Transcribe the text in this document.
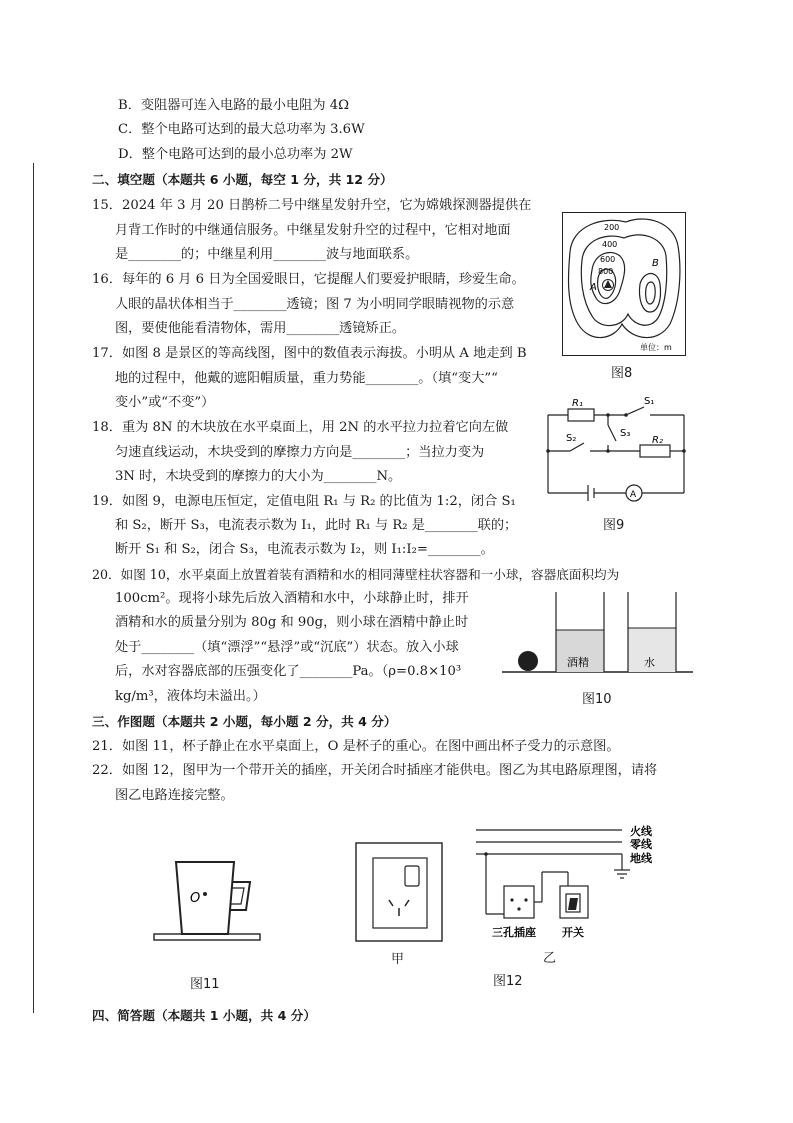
B．变阻器可连入电路的最小电阻为 4Ω
C．整个电路可达到的最大总功率为 3.6W
D．整个电路可达到的最小总功率为 2W
二、填空题（本题共 6 小题，每空 1 分，共 12 分）
15．2024 年 3 月 20 日鹊桥二号中继星发射升空，它为嫦娥探测器提供在
月背工作时的中继通信服务。中继星发射升空的过程中，它相对地面
是________的；中继星利用________波与地面联系。
16．每年的 6 月 6 日为全国爱眼日，它提醒人们要爱护眼睛，珍爱生命。
人眼的晶状体相当于________透镜；图 7 为小明同学眼睛视物的示意
图，要使他能看清物体，需用________透镜矫正。
17．如图 8 是景区的等高线图，图中的数值表示海拔。小明从 A 地走到 B
地的过程中，他戴的遮阳帽质量，重力势能________。（填“变大”“
变小”或“不变”）
18．重为 8N 的木块放在水平桌面上，用 2N 的水平拉力拉着它向左做
匀速直线运动，木块受到的摩擦力方向是________；当拉力变为
3N 时，木块受到的摩擦力的大小为________N。
19．如图 9，电源电压恒定，定值电阻 R₁ 与 R₂ 的比值为 1:2，闭合 S₁
和 S₂，断开 S₃，电流表示数为 I₁，此时 R₁ 与 R₂ 是________联的；
断开 S₁ 和 S₂，闭合 S₃，电流表示数为 I₂，则 I₁:I₂=________。
20．如图 10，水平桌面上放置着装有酒精和水的相同薄壁柱状容器和一小球，容器底面积均为
100cm²。现将小球先后放入酒精和水中，小球静止时，排开
酒精和水的质量分别为 80g 和 90g，则小球在酒精中静止时
处于________（填“漂浮”“悬浮”或“沉底”）状态。放入小球
后，水对容器底部的压强变化了________Pa。（ρ=0.8×10³
kg/m³，液体均未溢出。）
三、作图题（本题共 2 小题，每小题 2 分，共 4 分）
21．如图 11，杯子静止在水平桌面上，O 是杯子的重心。在图中画出杯子受力的示意图。
22．如图 12，图甲为一个带开关的插座，开关闭合时插座才能供电。图乙为其电路原理图，请将
图乙电路连接完整。
四、简答题（本题共 1 小题，共 4 分）
200
400
600
800
A
B
单位：m
图8
R₁
R₂
S₁
S₂	S₃
A
图9
酒精	水
图10
O
图11
甲
火线
零线
地线
三孔插座 开关
乙
图12
